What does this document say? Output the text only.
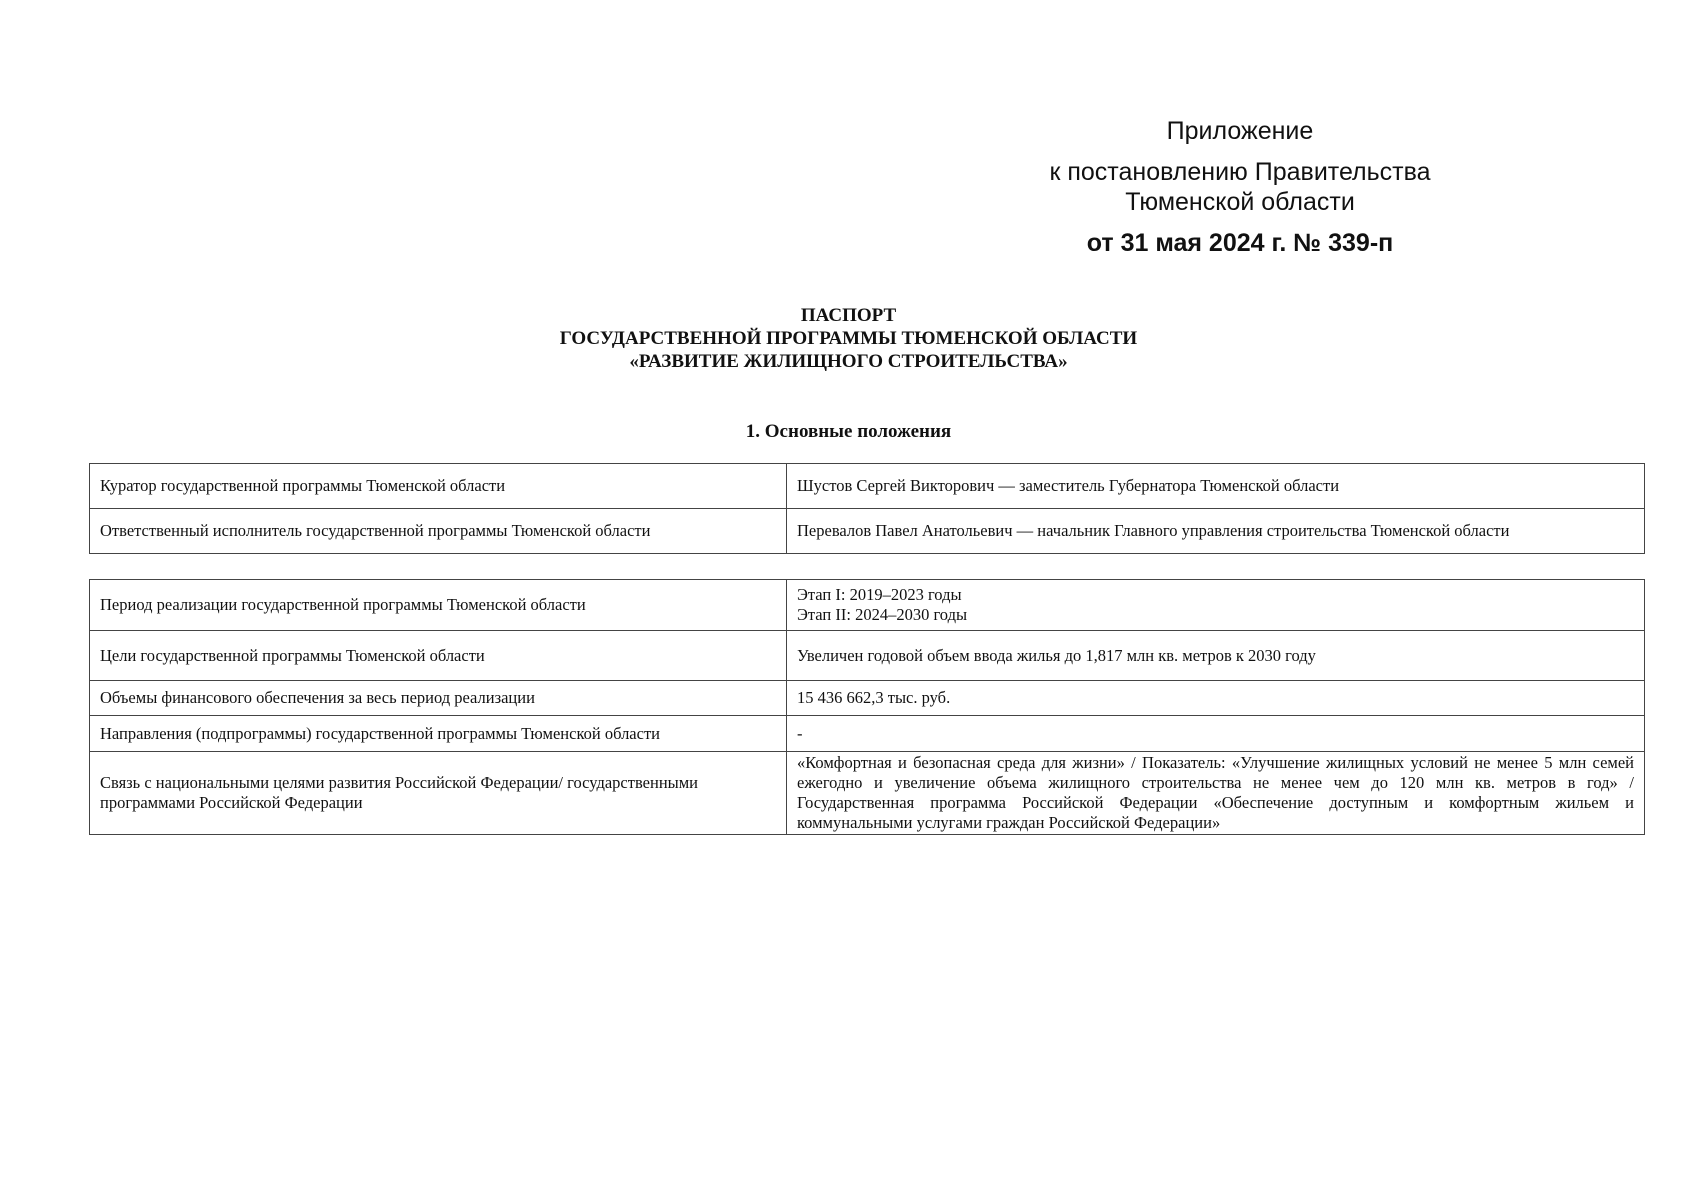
Приложение
к постановлению Правительства
Тюменской области
от 31 мая 2024 г. № 339-п
ПАСПОРТ
ГОСУДАРСТВЕННОЙ ПРОГРАММЫ ТЮМЕНСКОЙ ОБЛАСТИ
«РАЗВИТИЕ ЖИЛИЩНОГО СТРОИТЕЛЬСТВА»
1. Основные положения
Куратор государственной программы Тюменской области	Шустов Сергей Викторович — заместитель Губернатора Тюменской области
Ответственный исполнитель государственной программы Тюменской области	Перевалов Павел Анатольевич — начальник Главного управления строительства Тюменской области
Период реализации государственной программы Тюменской области	Этап I: 2019–2023 годы
Этап II: 2024–2030 годы

Цели государственной программы Тюменской области	Увеличен годовой объем ввода жилья до 1,817 млн кв. метров к 2030 году
Объемы финансового обеспечения за весь период реализации	15 436 662,3 тыс. руб.
Направления (подпрограммы) государственной программы Тюменской области	-
Связь с национальными целями развития Российской Федерации/ государственными программами Российской Федерации	«Комфортная и безопасная среда для жизни» / Показатель: «Улучшение жилищных условий не менее 5 млн семей ежегодно и увеличение объема жилищного строительства не менее чем до 120 млн кв. метров в год» / Государственная программа Российской Федерации «Обеспечение доступным и комфортным жильем и коммунальными услугами граждан Российской Федерации»
